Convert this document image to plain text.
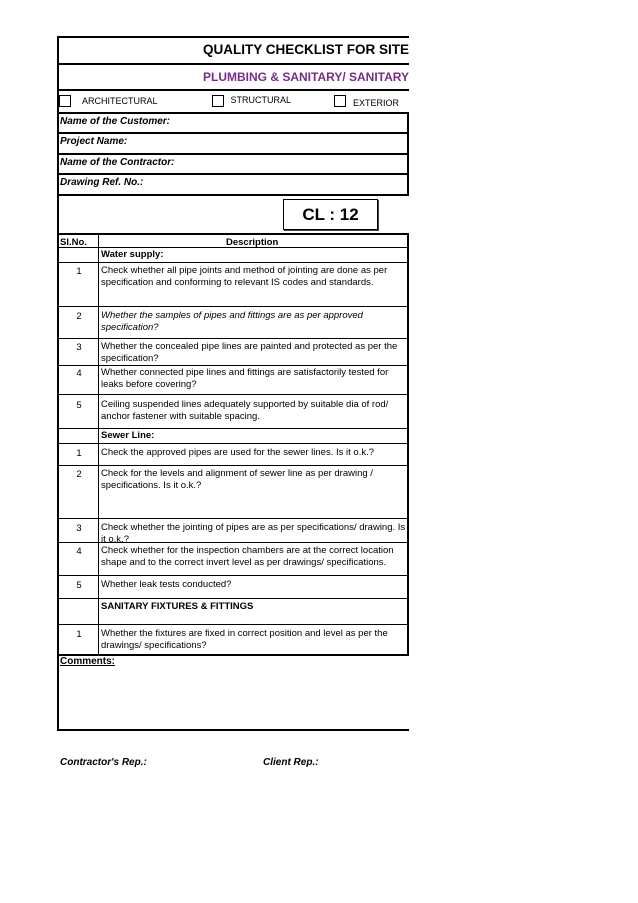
QUALITY CHECKLIST FOR SITE
PLUMBING & SANITARY/ SANITARY
ARCHITECTURAL	STRUCTURAL	EXTERIOR
Name of the Customer:
Project Name:
Name of the Contractor:
Drawing Ref. No.:
CL : 12
Sl.No.	Description
Water supply:
1	Check whether all pipe joints and method of jointing are done as per specification and conforming to relevant IS codes and standards.
2	Whether the samples of pipes and fittings are as per approved specification?
3	Whether the concealed pipe lines are painted and protected as per the specification?
4	Whether connected pipe lines and fittings are satisfactorily tested for leaks before covering?
5	Ceiling suspended lines adequately supported by suitable dia of rod/ anchor fastener with suitable spacing.
Sewer Line:
1	Check the approved pipes are used for the sewer lines. Is it o.k.?
2	Check for the levels and alignment of sewer line as per drawing / specifications. Is it o.k.?
3	Check whether the jointing of pipes are as per specifications/ drawing. Is it o.k.?
4	Check whether for the inspection chambers are at the correct location shape and to the correct invert level as per drawings/ specifications.
5	Whether leak tests conducted?
SANITARY FIXTURES & FITTINGS
1	Whether the fixtures are fixed in correct position and level as per the drawings/ specifications?
Comments:
Contractor's Rep.:	Client Rep.:
